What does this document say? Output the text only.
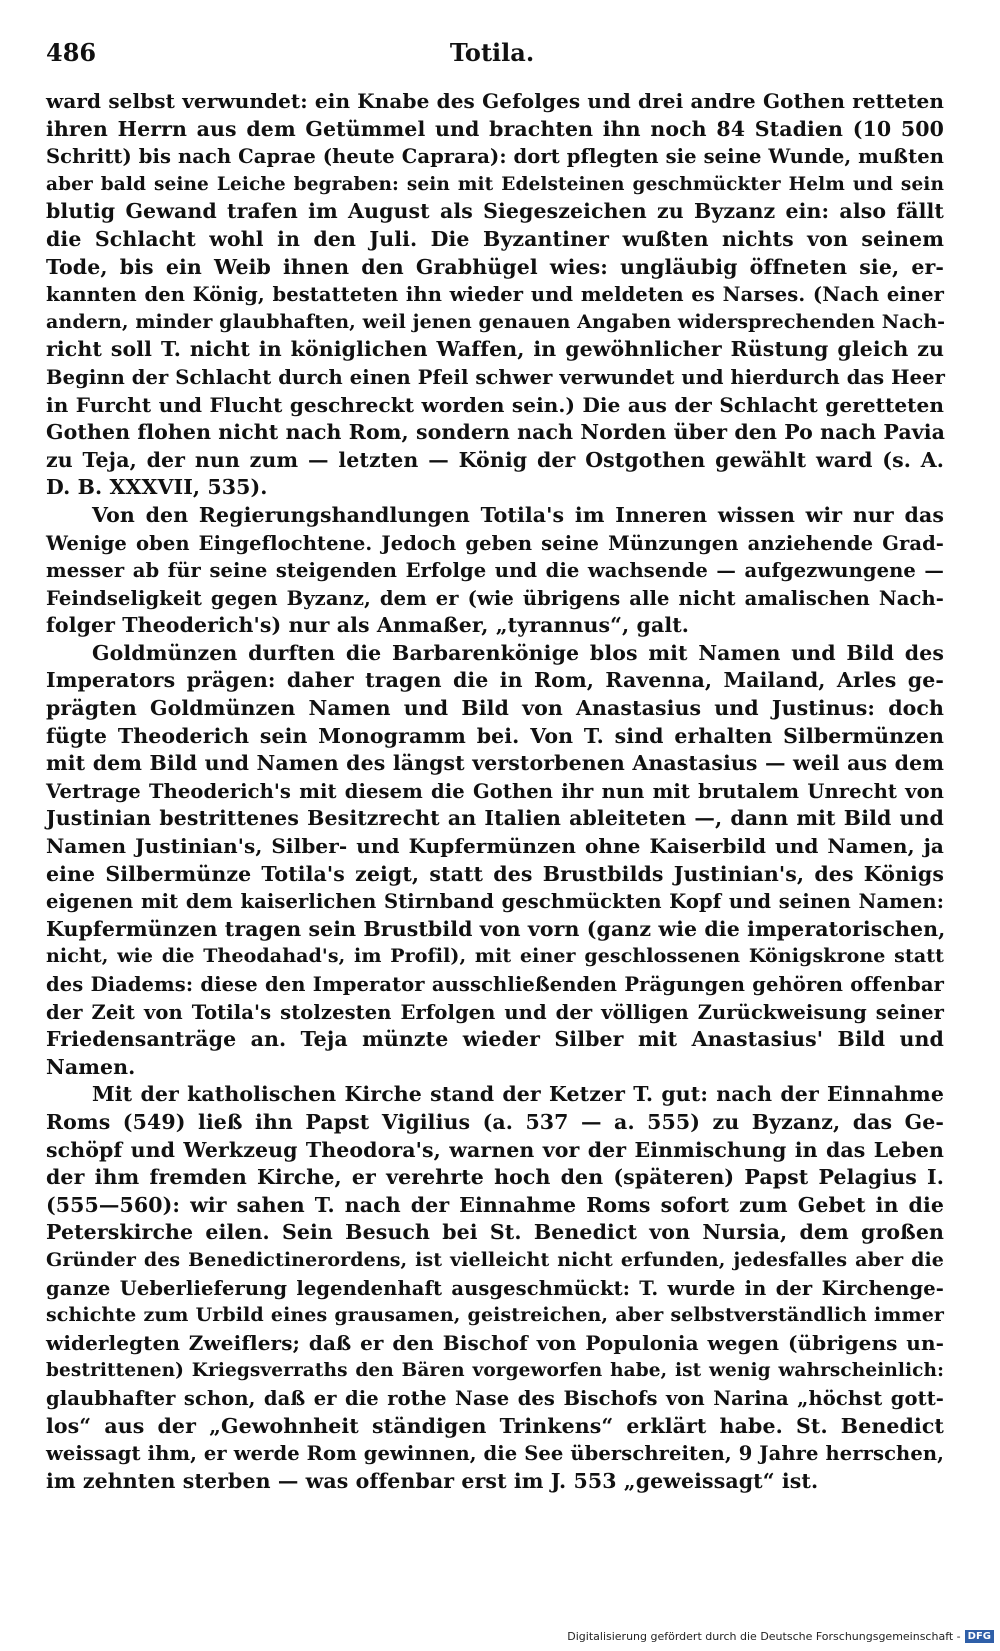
486	Totila.
ward selbst verwundet: ein Knabe des Gefolges und drei andre Gothen retteten
ihren Herrn aus dem Getümmel und brachten ihn noch 84 Stadien (10 500
Schritt) bis nach Caprae (heute Caprara): dort pflegten sie seine Wunde, mußten
aber bald seine Leiche begraben: sein mit Edelsteinen geschmückter Helm und sein
blutig Gewand trafen im August als Siegeszeichen zu Byzanz ein: also fällt
die Schlacht wohl in den Juli. Die Byzantiner wußten nichts von seinem
Tode, bis ein Weib ihnen den Grabhügel wies: ungläubig öffneten sie, er-
kannten den König, bestatteten ihn wieder und meldeten es Narses. (Nach einer
andern, minder glaubhaften, weil jenen genauen Angaben widersprechenden Nach-
richt soll T. nicht in königlichen Waffen, in gewöhnlicher Rüstung gleich zu
Beginn der Schlacht durch einen Pfeil schwer verwundet und hierdurch das Heer
in Furcht und Flucht geschreckt worden sein.) Die aus der Schlacht geretteten
Gothen flohen nicht nach Rom, sondern nach Norden über den Po nach Pavia
zu Teja, der nun zum — letzten — König der Ostgothen gewählt ward (s. A.
D. B. XXXVII, 535).
Von den Regierungshandlungen Totila's im Inneren wissen wir nur das
Wenige oben Eingeflochtene. Jedoch geben seine Münzungen anziehende Grad-
messer ab für seine steigenden Erfolge und die wachsende — aufgezwungene —
Feindseligkeit gegen Byzanz, dem er (wie übrigens alle nicht amalischen Nach-
folger Theoderich's) nur als Anmaßer, „tyrannus“, galt.
Goldmünzen durften die Barbarenkönige blos mit Namen und Bild des
Imperators prägen: daher tragen die in Rom, Ravenna, Mailand, Arles ge-
prägten Goldmünzen Namen und Bild von Anastasius und Justinus: doch
fügte Theoderich sein Monogramm bei. Von T. sind erhalten Silbermünzen
mit dem Bild und Namen des längst verstorbenen Anastasius — weil aus dem
Vertrage Theoderich's mit diesem die Gothen ihr nun mit brutalem Unrecht von
Justinian bestrittenes Besitzrecht an Italien ableiteten —, dann mit Bild und
Namen Justinian's, Silber- und Kupfermünzen ohne Kaiserbild und Namen, ja
eine Silbermünze Totila's zeigt, statt des Brustbilds Justinian's, des Königs
eigenen mit dem kaiserlichen Stirnband geschmückten Kopf und seinen Namen:
Kupfermünzen tragen sein Brustbild von vorn (ganz wie die imperatorischen,
nicht, wie die Theodahad's, im Profil), mit einer geschlossenen Königskrone statt
des Diadems: diese den Imperator ausschließenden Prägungen gehören offenbar
der Zeit von Totila's stolzesten Erfolgen und der völligen Zurückweisung seiner
Friedensanträge an. Teja münzte wieder Silber mit Anastasius' Bild und
Namen.
Mit der katholischen Kirche stand der Ketzer T. gut: nach der Einnahme
Roms (549) ließ ihn Papst Vigilius (a. 537 — a. 555) zu Byzanz, das Ge-
schöpf und Werkzeug Theodora's, warnen vor der Einmischung in das Leben
der ihm fremden Kirche, er verehrte hoch den (späteren) Papst Pelagius I.
(555—560): wir sahen T. nach der Einnahme Roms sofort zum Gebet in die
Peterskirche eilen. Sein Besuch bei St. Benedict von Nursia, dem großen
Gründer des Benedictinerordens, ist vielleicht nicht erfunden, jedesfalles aber die
ganze Ueberlieferung legendenhaft ausgeschmückt: T. wurde in der Kirchenge-
schichte zum Urbild eines grausamen, geistreichen, aber selbstverständlich immer
widerlegten Zweiflers; daß er den Bischof von Populonia wegen (übrigens un-
bestrittenen) Kriegsverraths den Bären vorgeworfen habe, ist wenig wahrscheinlich:
glaubhafter schon, daß er die rothe Nase des Bischofs von Narina „höchst gott-
los“ aus der „Gewohnheit ständigen Trinkens“ erklärt habe. St. Benedict
weissagt ihm, er werde Rom gewinnen, die See überschreiten, 9 Jahre herrschen,
im zehnten sterben — was offenbar erst im J. 553 „geweissagt“ ist.
Digitalisierung gefördert durch die Deutsche Forschungsgemeinschaft - DFG
